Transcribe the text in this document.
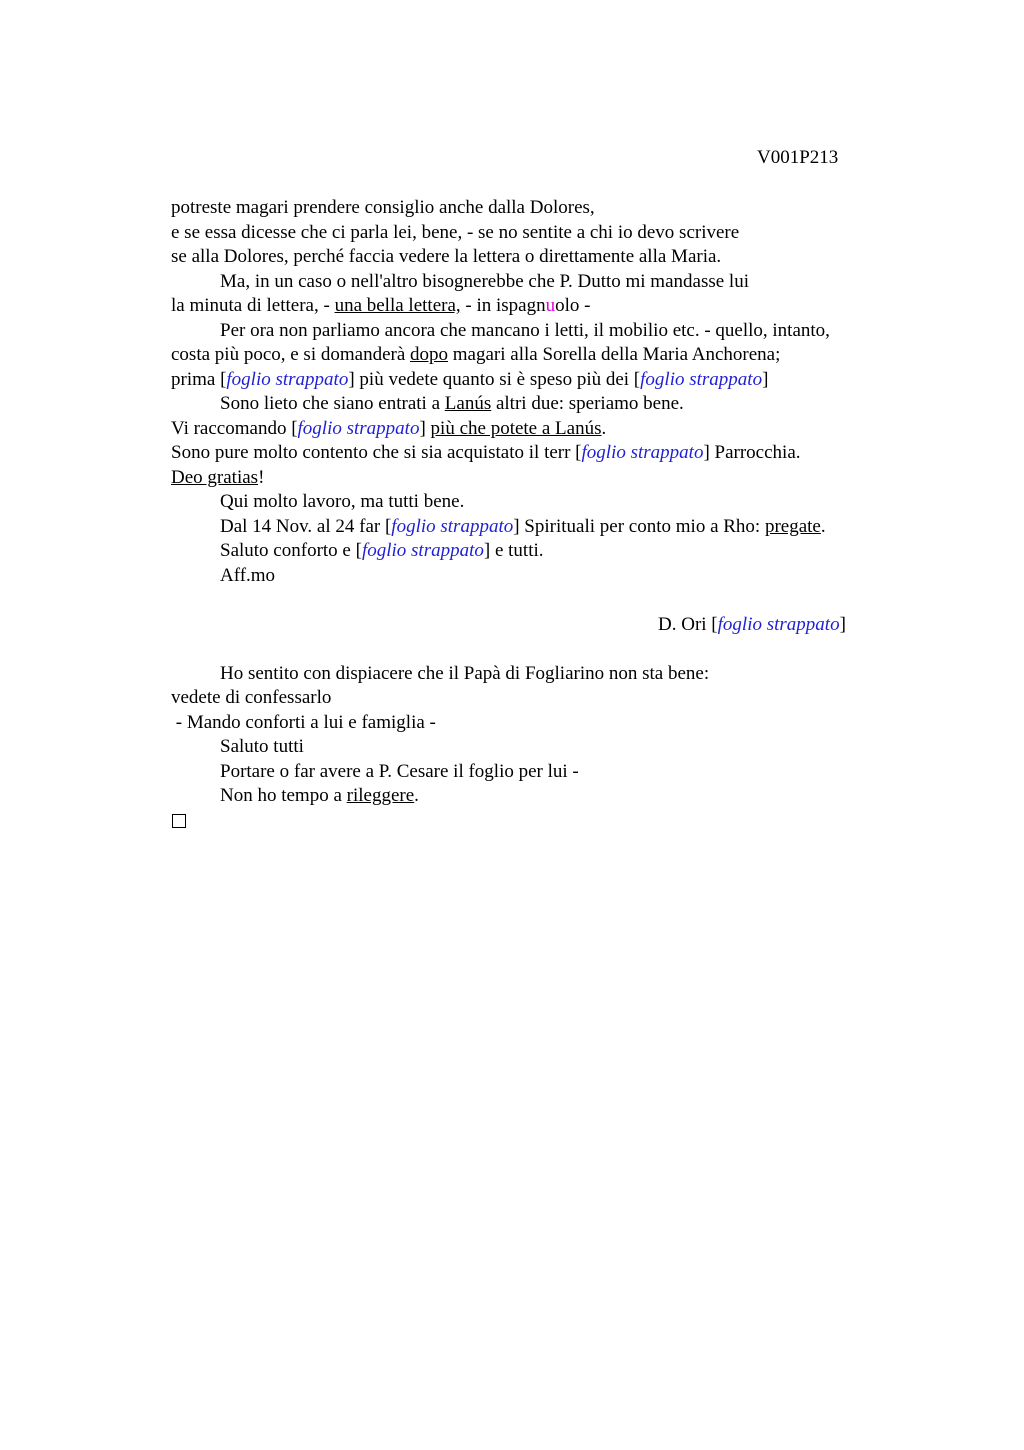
V001P213
potreste magari prendere consiglio anche dalla Dolores,
e se essa dicesse che ci parla lei, bene, - se no sentite a chi io devo scrivere
se alla Dolores, perché faccia vedere la lettera o direttamente alla Maria.
Ma, in un caso o nell'altro bisognerebbe che P. Dutto mi mandasse lui
la minuta di lettera, - una bella lettera, - in ispagnuolo -
Per ora non parliamo ancora che mancano i letti, il mobilio etc. - quello, intanto,
costa più poco, e si domanderà dopo magari alla Sorella della Maria Anchorena;
prima [foglio strappato] più vedete quanto si è speso più dei [foglio strappato]
Sono lieto che siano entrati a Lanús altri due: speriamo bene.
Vi raccomando [foglio strappato] più che potete a Lanús.
Sono pure molto contento che si sia acquistato il terr [foglio strappato] Parrocchia.
Deo gratias!
Qui molto lavoro, ma tutti bene.
Dal 14 Nov. al 24 far [foglio strappato] Spirituali per conto mio a Rho: pregate.
Saluto conforto e [foglio strappato] e tutti.
Aff.mo
D. Ori [foglio strappato]
Ho sentito con dispiacere che il Papà di Fogliarino non sta bene:
vedete di confessarlo
- Mando conforti a lui e famiglia -
Saluto tutti
Portare o far avere a P. Cesare il foglio per lui -
Non ho tempo a rileggere.
